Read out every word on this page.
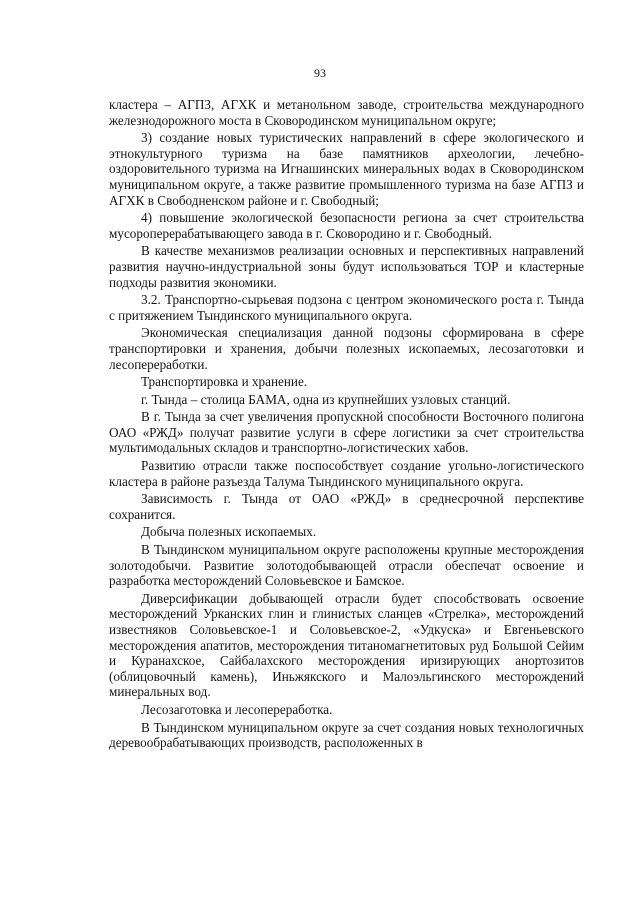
93

кластера – АГПЗ, АГХК и метанольном заводе, строительства международного железнодорожного моста в Сковородинском муниципальном округе;

3) создание новых туристических направлений в сфере экологического и этнокультурного туризма на базе памятников археологии, лечебно-оздоровительного туризма на Игнашинских минеральных водах в Сковородинском муниципальном округе, а также развитие промышленного туризма на базе АГПЗ и АГХК в Свободненском районе и г. Свободный;

4) повышение экологической безопасности региона за счет строительства мусороперерабатывающего завода в г. Сковородино и г. Свободный.

В качестве механизмов реализации основных и перспективных направлений развития научно-индустриальной зоны будут использоваться ТОР и кластерные подходы развития экономики.

3.2. Транспортно-сырьевая подзона с центром экономического роста г. Тында с притяжением Тындинского муниципального округа.

Экономическая специализация данной подзоны сформирована в сфере транспортировки и хранения, добычи полезных ископаемых, лесозаготовки и лесопереработки.

Транспортировка и хранение.

г. Тында – столица БАМА, одна из крупнейших узловых станций.

В г. Тында за счет увеличения пропускной способности Восточного полигона ОАО «РЖД» получат развитие услуги в сфере логистики за счет строительства мультимодальных складов и транспортно-логистических хабов.

Развитию отрасли также поспособствует создание угольно-логистического кластера в районе разъезда Талума Тындинского муниципального округа.

Зависимость г. Тында от ОАО «РЖД» в среднесрочной перспективе сохранится.

Добыча полезных ископаемых.

В Тындинском муниципальном округе расположены крупные месторождения золотодобычи. Развитие золотодобывающей отрасли обеспечат освоение и разработка месторождений Соловьевское и Бамское.

Диверсификации добывающей отрасли будет способствовать освоение месторождений Урканских глин и глинистых сланцев «Стрелка», месторождений известняков Соловьевское-1 и Соловьевское-2, «Удкуска» и Евгеньевского месторождения апатитов, месторождения титаномагнетитовых руд Большой Сейим и Куранахское, Сайбалахского месторождения иризирующих анортозитов (облицовочный камень), Иньжякского и Малоэльгинского месторождений минеральных вод.

Лесозаготовка и лесопереработка.

В Тындинском муниципальном округе за счет создания новых технологичных деревообрабатывающих производств, расположенных в
